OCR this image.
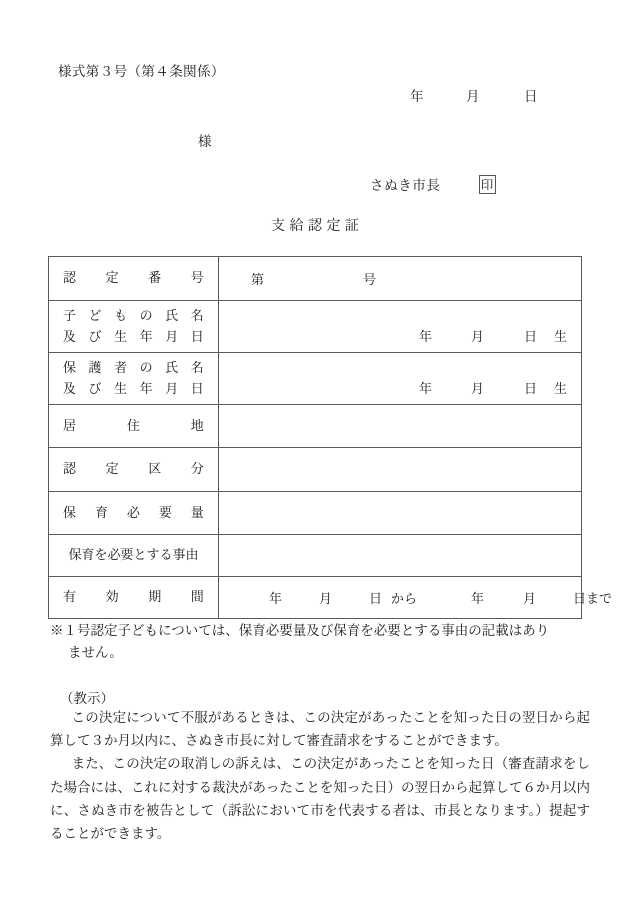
様式第３号（第４条関係）
年	月	日
様
さぬき市長	印
支給認定証
認定番号	第 号

子どもの氏名
及び生年月日	年 月 日 生

保護者の氏名
及び生年月日	年 月 日 生

居住地	

認定区分	

保育必要量	

保育を必要とする事由	

有効期間	年 月 日 から 年 月 日まで
※１号認定子どもについては、保育必要量及び保育を必要とする事由の記載はあり
ません。
（教示）

この決定について不服があるときは、この決定があったことを知った日の翌日から起算して３か月以内に、さぬき市長に対して審査請求をすることができます。

また、この決定の取消しの訴えは、この決定があったことを知った日（審査請求をした場合には、これに対する裁決があったことを知った日）の翌日から起算して６か月以内に、さぬき市を被告として（訴訟において市を代表する者は、市長となります。）提起することができます。
